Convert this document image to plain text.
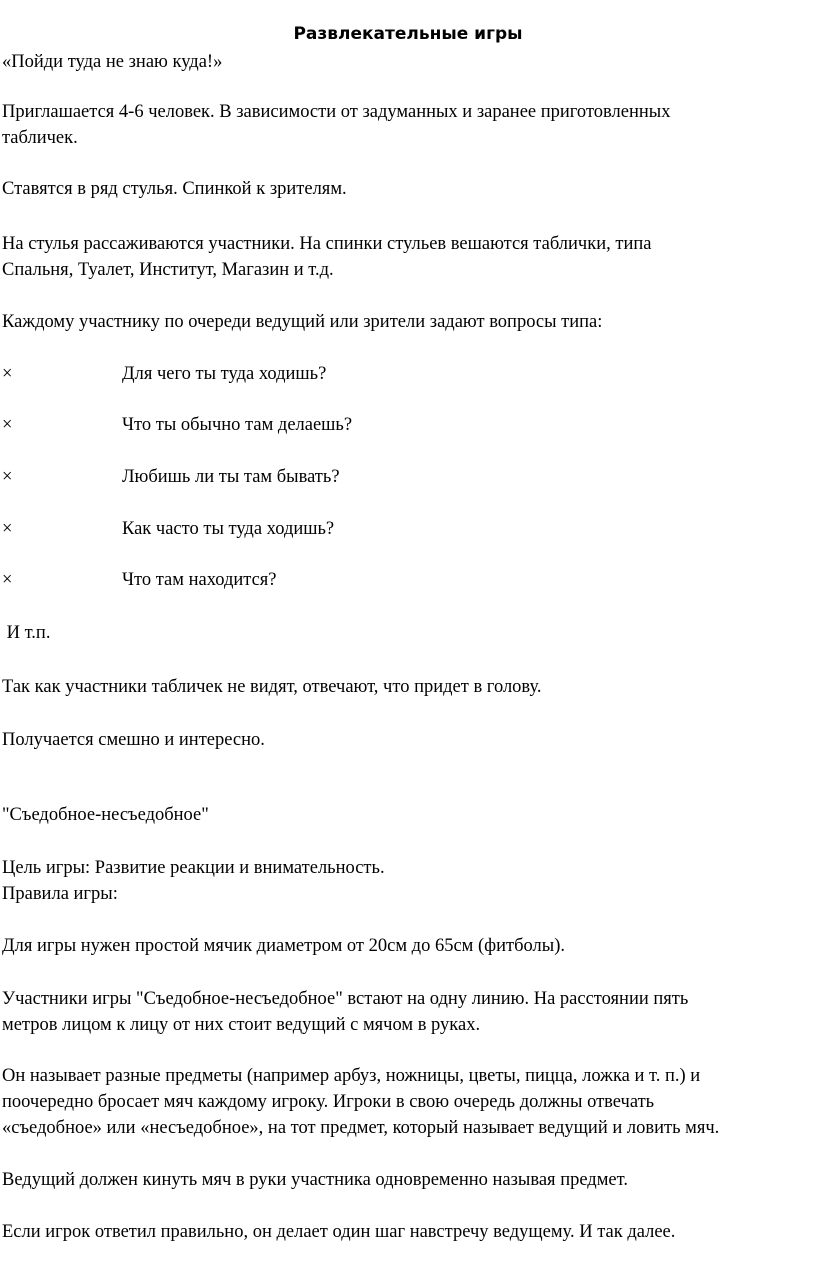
Развлекательные игры
«Пойди туда не знаю куда!»
Приглашается 4-6 человек. В зависимости от задуманных и заранее приготовленных
табличек.
Ставятся в ряд стулья. Спинкой к зрителям.
На стулья рассаживаются участники. На спинки стульев вешаются таблички, типа
Спальня, Туалет, Институт, Магазин и т.д.
Каждому участнику по очереди ведущий или зрители задают вопросы типа:
×	Для чего ты туда ходишь?
×	Что ты обычно там делаешь?
×	Любишь ли ты там бывать?
×	Как часто ты туда ходишь?
×	Что там находится?
И т.п.
Так как участники табличек не видят, отвечают, что придет в голову.
Получается смешно и интересно.
"Съедобное-несъедобное"
Цель игры: Развитие реакции и внимательность.
Правила игры:
Для игры нужен простой мячик диаметром от 20см до 65см (фитболы).
Участники игры "Съедобное-несъедобное" встают на одну линию. На расстоянии пять
метров лицом к лицу от них стоит ведущий с мячом в руках.
Он называет разные предметы (например арбуз, ножницы, цветы, пицца, ложка и т. п.) и
поочередно бросает мяч каждому игроку. Игроки в свою очередь должны отвечать
«съедобное» или «несъедобное», на тот предмет, который называет ведущий и ловить мяч.
Ведущий должен кинуть мяч в руки участника одновременно называя предмет.
Если игрок ответил правильно, он делает один шаг навстречу ведущему. И так далее.
